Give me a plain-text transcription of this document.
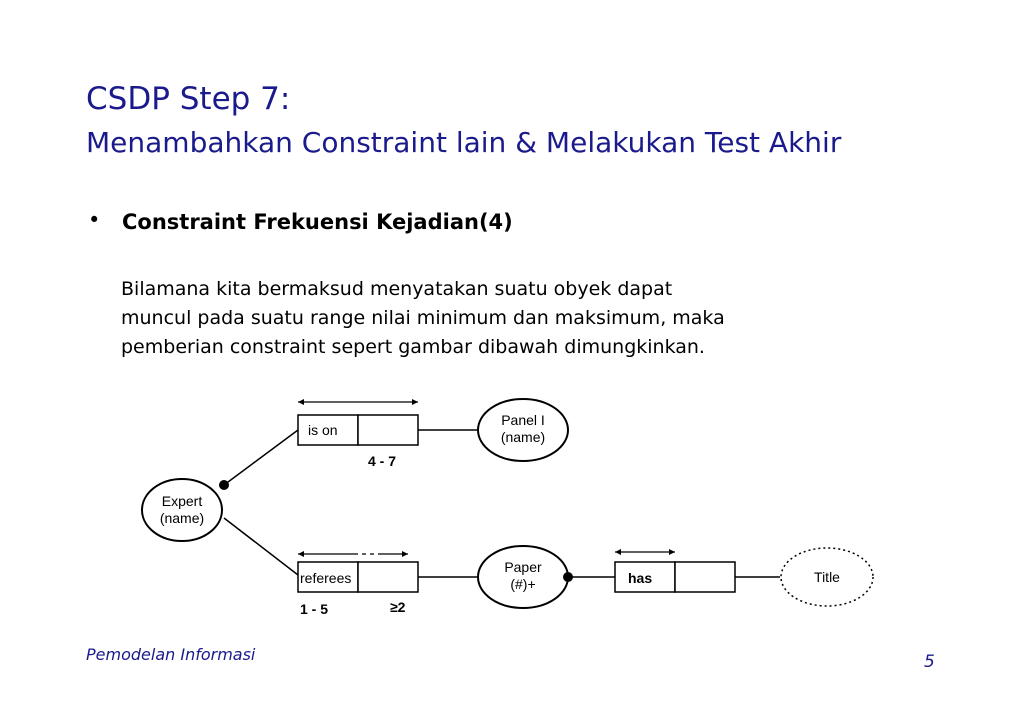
CSDP Step 7:
Menambahkan Constraint lain & Melakukan Test Akhir
• Constraint Frekuensi Kejadian(4)
Bilamana kita bermaksud menyatakan suatu obyek dapat
muncul pada suatu range nilai minimum dan maksimum, maka
pemberian constraint sepert gambar dibawah dimungkinkan.
Expert
(name)
is on
4 - 7
Panel I
(name)
referees
1 - 5	≥2
Paper
(#)+	has	Title
Pemodelan Informasi	5
